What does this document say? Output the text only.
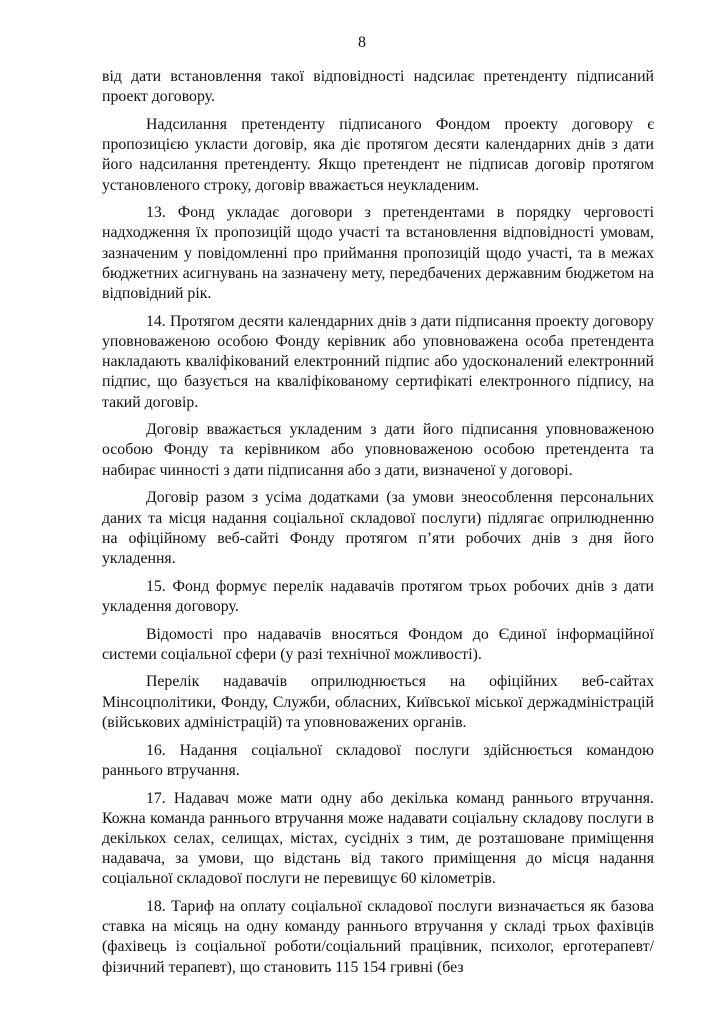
8

від дати встановлення такої відповідності надсилає претенденту підписаний проект договору.

Надсилання претенденту підписаного Фондом проекту договору є пропозицією укласти договір, яка діє протягом десяти календарних днів з дати його надсилання претенденту. Якщо претендент не підписав договір протягом установленого строку, договір вважається неукладеним.

13. Фонд укладає договори з претендентами в порядку черговості надходження їх пропозицій щодо участі та встановлення відповідності умовам, зазначеним у повідомленні про приймання пропозицій щодо участі, та в межах бюджетних асигнувань на зазначену мету, передбачених державним бюджетом на відповідний рік.

14. Протягом десяти календарних днів з дати підписання проекту договору уповноваженою особою Фонду керівник або уповноважена особа претендента накладають кваліфікований електронний підпис або удосконалений електронний підпис, що базується на кваліфікованому сертифікаті електронного підпису, на такий договір.

Договір вважається укладеним з дати його підписання уповноваженою особою Фонду та керівником або уповноваженою особою претендента та набирає чинності з дати підписання або з дати, визначеної у договорі.

Договір разом з усіма додатками (за умови знеособлення персональних даних та місця надання соціальної складової послуги) підлягає оприлюдненню на офіційному веб-сайті Фонду протягом п’яти робочих днів з дня його укладення.

15. Фонд формує перелік надавачів протягом трьох робочих днів з дати укладення договору.

Відомості про надавачів вносяться Фондом до Єдиної інформаційної системи соціальної сфери (у разі технічної можливості).

Перелік надавачів оприлюднюється на офіційних веб-сайтах Мінсоцполітики, Фонду, Служби, обласних, Київської міської держадміністрацій (військових адміністрацій) та уповноважених органів.

16. Надання соціальної складової послуги здійснюється командою раннього втручання.

17. Надавач може мати одну або декілька команд раннього втручання. Кожна команда раннього втручання може надавати соціальну складову послуги в декількох селах, селищах, містах, сусідніх з тим, де розташоване приміщення надавача, за умови, що відстань від такого приміщення до місця надання соціальної складової послуги не перевищує 60 кілометрів.

18. Тариф на оплату соціальної складової послуги визначається як базова ставка на місяць на одну команду раннього втручання у складі трьох фахівців (фахівець із соціальної роботи/соціальний працівник, психолог, ерготерапевт/фізичний терапевт), що становить 115 154 гривні (без
